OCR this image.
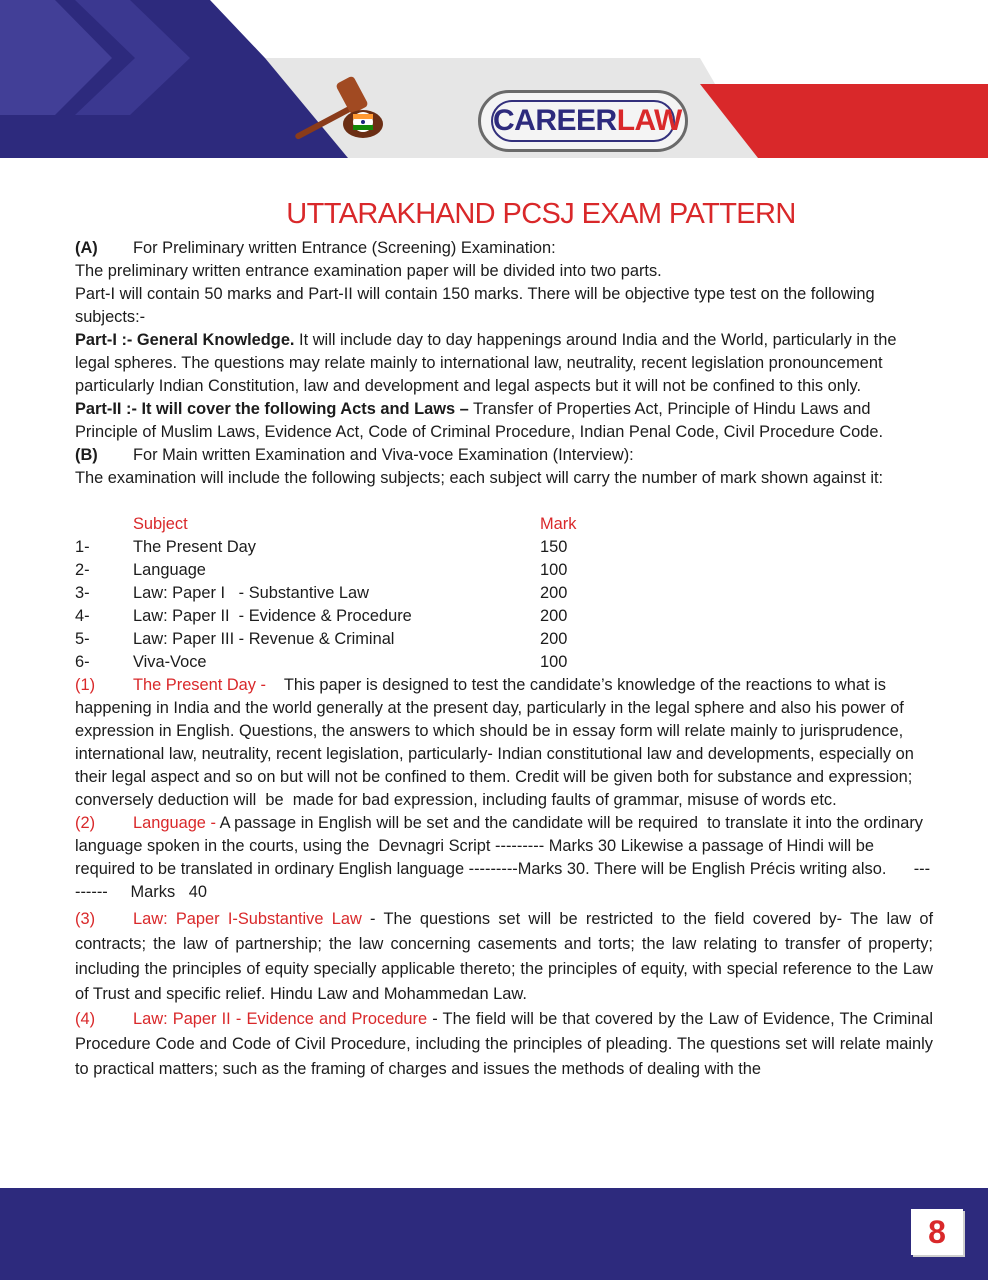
CAREERLAW
UTTARAKHAND PCSJ EXAM PATTERN

(A) For Preliminary written Entrance (Screening) Examination:

The preliminary written entrance examination paper will be divided into two parts.

Part-I will contain 50 marks and Part-II will contain 150 marks. There will be objective type test on the following subjects:-

Part-I :- General Knowledge. It will include day to day happenings around India and the World, particularly in the legal spheres. The questions may relate mainly to international law, neutrality, recent legislation pronouncement particularly Indian Constitution, law and development and legal aspects but it will not be confined to this only.

Part-II :- It will cover the following Acts and Laws – Transfer of Properties Act, Principle of Hindu Laws and Principle of Muslim Laws, Evidence Act, Code of Criminal Procedure, Indian Penal Code, Civil Procedure Code.

(B) For Main written Examination and Viva-voce Examination (Interview):

The examination will include the following subjects; each subject will carry the number of mark shown against it:

Subject	Mark
1-	The Present Day	150
2-	Language	100
3-	Law: Paper I   - Substantive Law	200
4-	Law: Paper II  - Evidence & Procedure	200
5-	Law: Paper III - Revenue & Criminal	200
6-	Viva-Voce	100

(1) The Present Day -    This paper is designed to test the candidate’s knowledge of the reactions to what is happening in India and the world generally at the present day, particularly in the legal sphere and also his power of expression in English. Questions, the answers to which should be in essay form will relate mainly to jurisprudence, international law, neutrality, recent legislation, particularly- Indian constitutional law and developments, especially on their legal aspect and so on but will not be confined to them. Credit will be given both for substance and expression; conversely deduction will  be  made for bad expression, including faults of grammar, misuse of words etc.

(2) Language - A passage in English will be set and the candidate will be required  to translate it into the ordinary language spoken in the courts, using the  Devnagri Script --------- Marks 30 Likewise a passage of Hindi will be required to be translated in ordinary English language ---------Marks 30. There will be English Précis writing also.      ---------     Marks   40

(3) Law: Paper I-Substantive Law - The questions set will be restricted to the field covered by- The law of contracts; the law of partnership; the law concerning casements and torts; the law relating to transfer of property; including the principles of equity specially applicable thereto; the principles of equity, with special reference to the Law of Trust and specific relief. Hindu Law and Mohammedan Law.

(4) Law: Paper II - Evidence and Procedure - The field will be that covered by the Law of Evidence, The Criminal Procedure Code and Code of Civil Procedure, including the principles of pleading. The questions set will relate mainly to practical matters; such as the framing of charges and issues the methods of dealing with the

8
